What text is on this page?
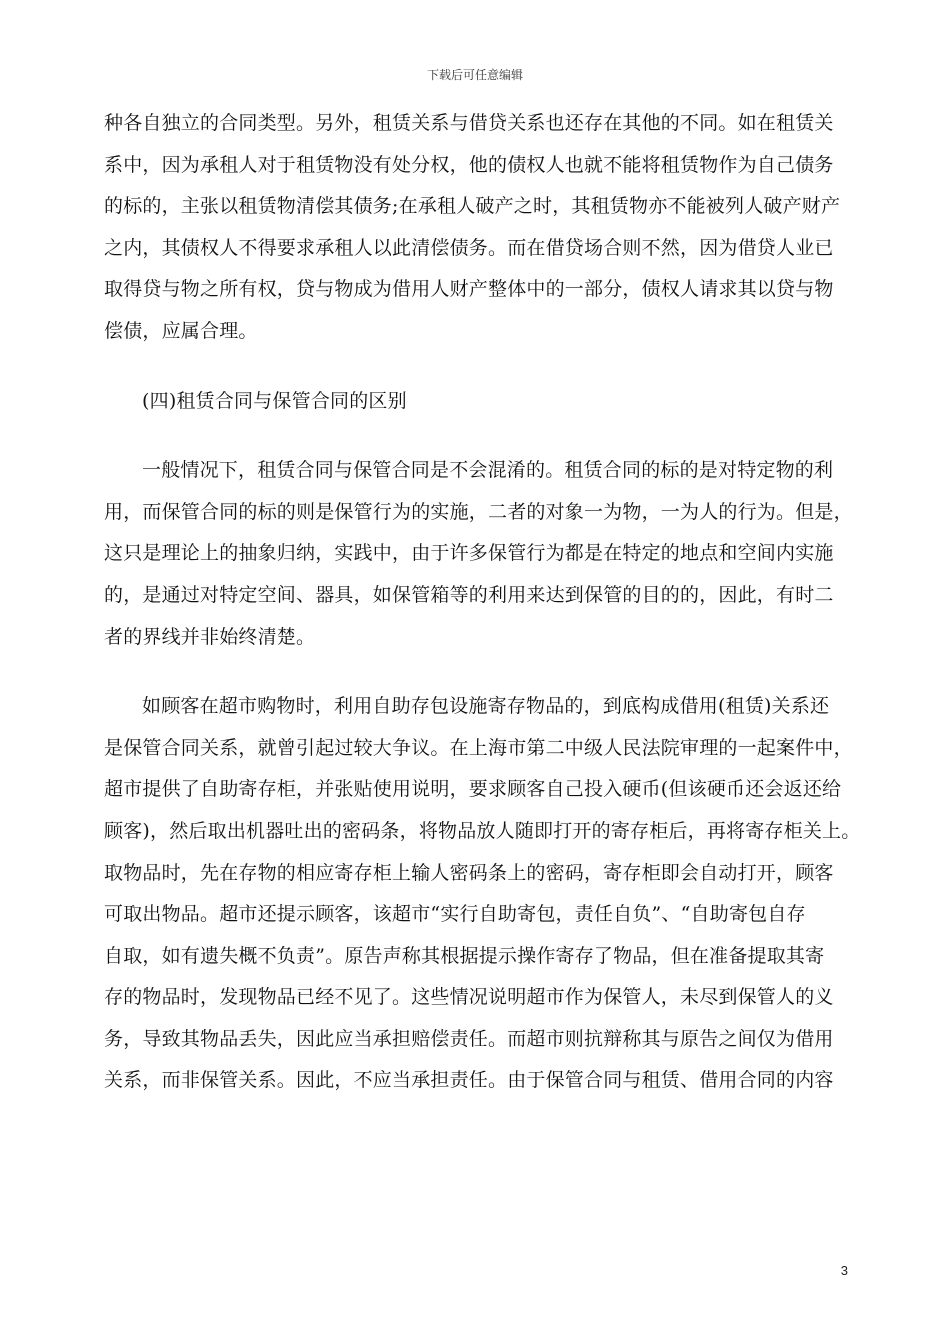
下载后可任意编辑
种各自独立的合同类型。另外，租赁关系与借贷关系也还存在其他的不同。如在租赁关
系中，因为承租人对于租赁物没有处分权，他的债权人也就不能将租赁物作为自己债务
的标的，主张以租赁物清偿其债务;在承租人破产之时，其租赁物亦不能被列人破产财产
之内，其债权人不得要求承租人以此清偿债务。而在借贷场合则不然，因为借贷人业已
取得贷与物之所有权，贷与物成为借用人财产整体中的一部分，债权人请求其以贷与物
偿债，应属合理。
(四)租赁合同与保管合同的区别
一般情况下，租赁合同与保管合同是不会混淆的。租赁合同的标的是对特定物的利
用，而保管合同的标的则是保管行为的实施，二者的对象一为物，一为人的行为。但是，
这只是理论上的抽象归纳，实践中，由于许多保管行为都是在特定的地点和空间内实施
的，是通过对特定空间、器具，如保管箱等的利用来达到保管的目的的，因此，有时二
者的界线并非始终清楚。
如顾客在超市购物时，利用自助存包设施寄存物品的，到底构成借用(租赁)关系还
是保管合同关系，就曾引起过较大争议。在上海市第二中级人民法院审理的一起案件中，
超市提供了自助寄存柜，并张贴使用说明，要求顾客自己投入硬币(但该硬币还会返还给
顾客)，然后取出机器吐出的密码条，将物品放人随即打开的寄存柜后，再将寄存柜关上。
取物品时，先在存物的相应寄存柜上输人密码条上的密码，寄存柜即会自动打开，顾客
可取出物品。超市还提示顾客，该超市“实行自助寄包，责任自负”、“自助寄包自存
自取，如有遗失概不负责”。原告声称其根据提示操作寄存了物品，但在准备提取其寄
存的物品时，发现物品已经不见了。这些情况说明超市作为保管人，未尽到保管人的义
务，导致其物品丢失，因此应当承担赔偿责任。而超市则抗辩称其与原告之间仅为借用
关系，而非保管关系。因此，不应当承担责任。由于保管合同与租赁、借用合同的内容
3
